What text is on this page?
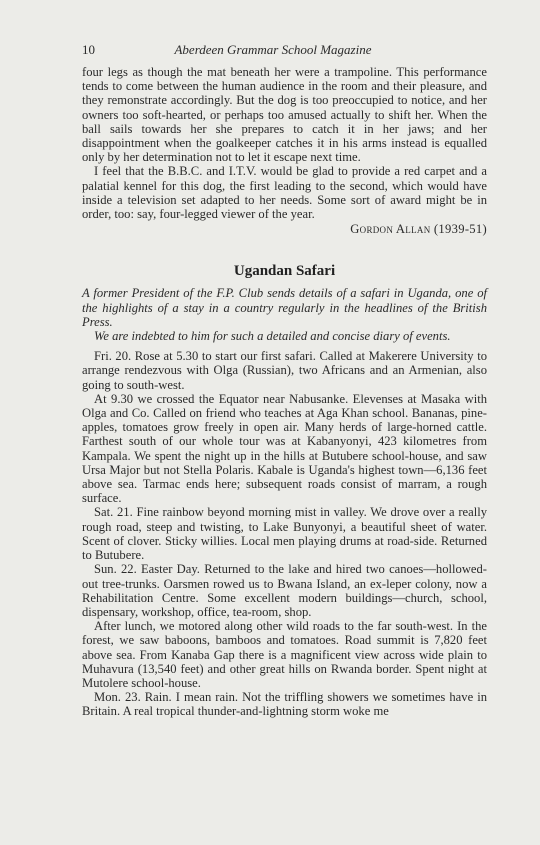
10	Aberdeen Grammar School Magazine

four legs as though the mat beneath her were a trampoline. This performance tends to come between the human audience in the room and their pleasure, and they remonstrate accordingly. But the dog is too preoccupied to notice, and her owners too soft-hearted, or perhaps too amused actually to shift her. When the ball sails towards her she prepares to catch it in her jaws; and her disappointment when the goalkeeper catches it in his arms instead is equalled only by her determination not to let it escape next time.

I feel that the B.B.C. and I.T.V. would be glad to provide a red carpet and a palatial kennel for this dog, the first leading to the second, which would have inside a television set adapted to her needs. Some sort of award might be in order, too: say, four-legged viewer of the year.

Gordon Allan (1939-51)
Ugandan Safari

A former President of the F.P. Club sends details of a safari in Uganda, one of the highlights of a stay in a country regularly in the headlines of the British Press.

We are indebted to him for such a detailed and concise diary of events.

Fri. 20. Rose at 5.30 to start our first safari. Called at Makerere University to arrange rendezvous with Olga (Russian), two Africans and an Armenian, also going to south-west.

At 9.30 we crossed the Equator near Nabusanke. Elevenses at Masaka with Olga and Co. Called on friend who teaches at Aga Khan school. Bananas, pine-apples, tomatoes grow freely in open air. Many herds of large-horned cattle. Farthest south of our whole tour was at Kabanyonyi, 423 kilometres from Kampala. We spent the night up in the hills at Butubere school-house, and saw Ursa Major but not Stella Polaris. Kabale is Uganda's highest town—6,136 feet above sea. Tarmac ends here; subsequent roads consist of marram, a rough surface.

Sat. 21. Fine rainbow beyond morning mist in valley. We drove over a really rough road, steep and twisting, to Lake Bunyonyi, a beautiful sheet of water. Scent of clover. Sticky willies. Local men playing drums at road-side. Returned to Butubere.

Sun. 22. Easter Day. Returned to the lake and hired two canoes—hollowed-out tree-trunks. Oarsmen rowed us to Bwana Island, an ex-leper colony, now a Rehabilitation Centre. Some excellent modern buildings—church, school, dispensary, workshop, office, tea-room, shop.

After lunch, we motored along other wild roads to the far south-west. In the forest, we saw baboons, bamboos and tomatoes. Road summit is 7,820 feet above sea. From Kanaba Gap there is a magnificent view across wide plain to Muhavura (13,540 feet) and other great hills on Rwanda border. Spent night at Mutolere school-house.

Mon. 23. Rain. I mean rain. Not the triffling showers we sometimes have in Britain. A real tropical thunder-and-lightning storm woke me
